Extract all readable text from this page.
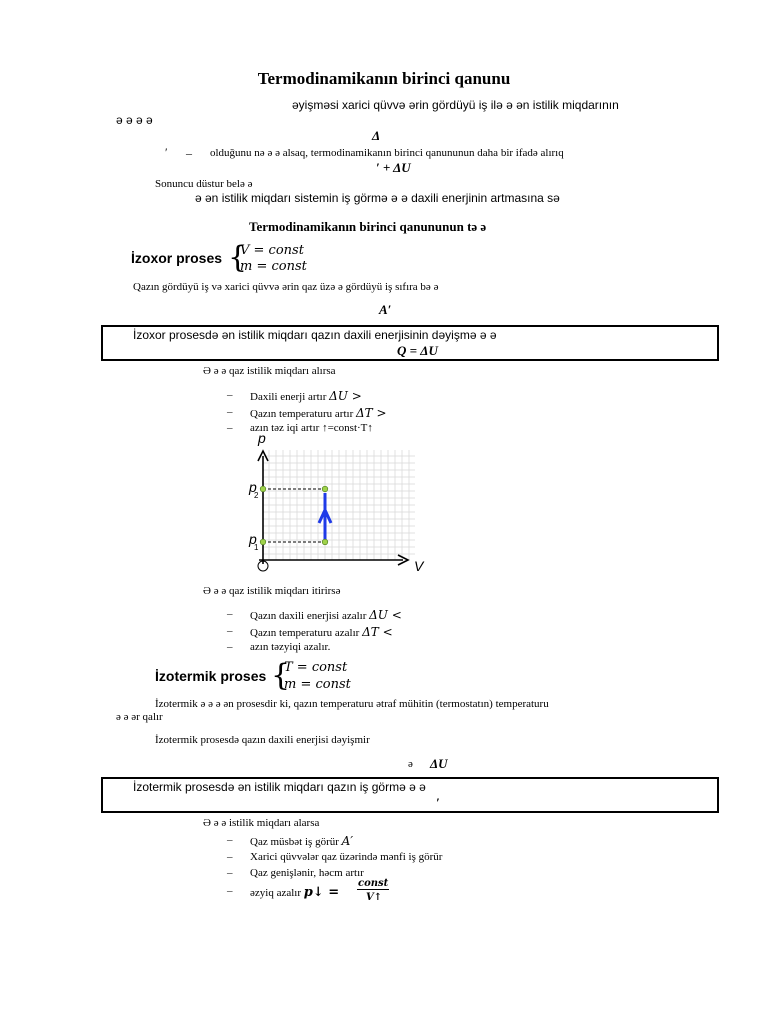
Termodinamikanın birinci qanunu
əyişməsi xarici qüvvə ərin gördüyü iş ilə ə ən istilik miqdarının
ə ə ə ə
Δ
′ – olduğunu nə ə ə alsaq, termodinamikanın birinci qanununun daha bir ifadə alırıq
′ + ΔU
Sonuncu düstur belə ə
ə ən istilik miqdarı sistemin iş görmə ə ə daxili enerjinin artmasına sə
Termodinamikanın birinci qanununun tə ə
İzoxor proses {
V = const
m = const
Qazın gördüyü iş və xarici qüvvə ərin qaz üzə ə gördüyü iş sıfıra bə ə
A′
İzoxor prosesdə ən istilik miqdarı qazın daxili enerjisinin dəyişmə ə ə
Q = ΔU
Ə ə ə qaz istilik miqdarı alırsa
– Daxili enerji artır ΔU >
– Qazın temperaturu artır ΔT >
– azın təz iqi artır ↑=const·T↑
p
V
p
2
p
1
Ə ə ə qaz istilik miqdarı itirirsə
– Qazın daxili enerjisi azalır ΔU <
– Qazın temperaturu azalır ΔT <
– azın təzyiqi azalır.
İzotermik proses {
T = const
m = const
İzotermik ə ə ə ən prosesdir ki, qazın temperaturu ətraf mühitin (termostatın) temperaturu
ə ə ər qalır
İzotermik prosesdə qazın daxili enerjisi dəyişmir
ə ΔU
İzotermik prosesdə ən istilik miqdarı qazın iş görmə ə ə
′
Ə ə ə istilik miqdarı alarsa
– Qaz müsbət iş görür A′
– Xarici qüvvələr qaz üzərində mənfi iş görür
– Qaz genişlənir, həcm artır
– əzyiq azalır p↓ =
const
V↑
